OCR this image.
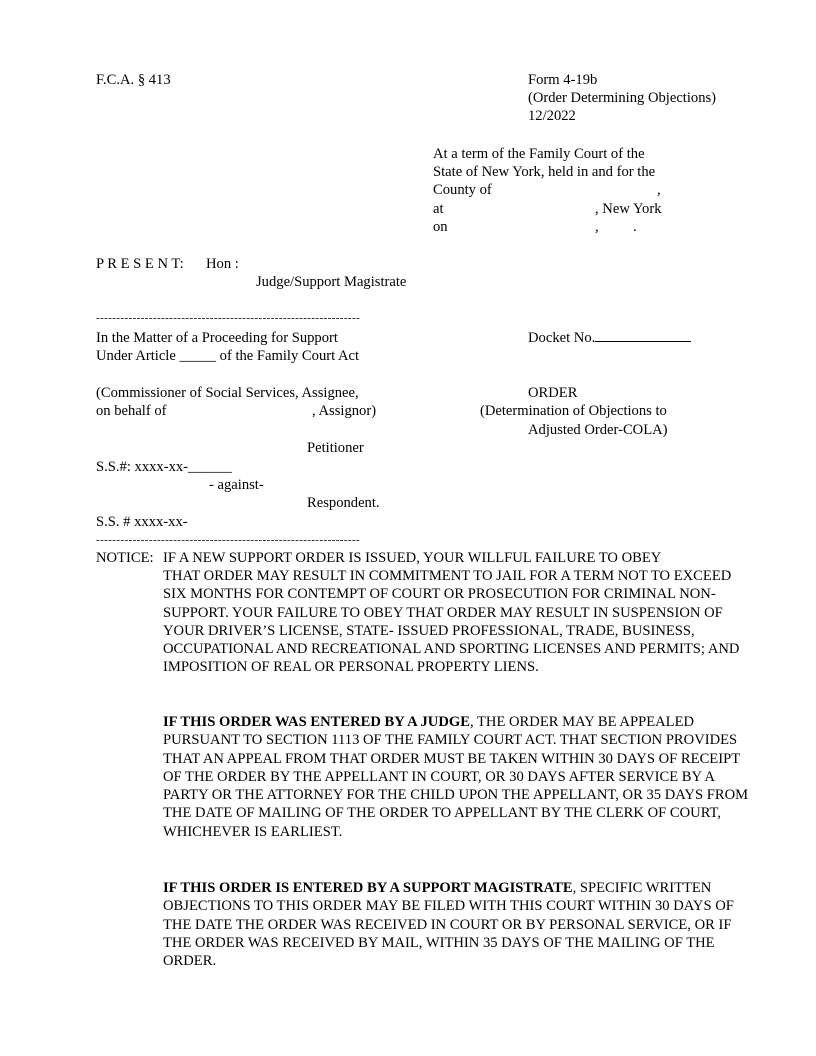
F.C.A. § 413	Form 4-19b
(Order Determining Objections)
12/2022
At a term of the Family Court of the
State of New York, held in and for the
County of	,
at	, New York
on	, .
P R E S E N T: Hon :
Judge/Support Magistrate
-----------------------------------------------------------------
In the Matter of a Proceeding for Support
Under Article _____ of the Family Court Act
(Commissioner of Social Services, Assignee,
on behalf of	, Assignor)
Petitioner
S.S.#: xxxx-xx-______
- against-
Respondent.
S.S. # xxxx-xx-
-----------------------------------------------------------------
Docket No.
ORDER
(Determination of Objections to
Adjusted Order-COLA)
NOTICE: IF A NEW SUPPORT ORDER IS ISSUED, YOUR WILLFUL FAILURE TO OBEY
THAT ORDER MAY RESULT IN COMMITMENT TO JAIL FOR A TERM NOT TO EXCEED SIX MONTHS FOR CONTEMPT OF COURT OR PROSECUTION FOR CRIMINAL NON-SUPPORT. YOUR FAILURE TO OBEY THAT ORDER MAY RESULT IN SUSPENSION OF YOUR DRIVER’S LICENSE, STATE- ISSUED PROFESSIONAL, TRADE, BUSINESS, OCCUPATIONAL AND RECREATIONAL AND SPORTING LICENSES AND PERMITS; AND IMPOSITION OF REAL OR PERSONAL PROPERTY LIENS.
IF THIS ORDER WAS ENTERED BY A JUDGE, THE ORDER MAY BE APPEALED PURSUANT TO SECTION 1113 OF THE FAMILY COURT ACT. THAT SECTION PROVIDES THAT AN APPEAL FROM THAT ORDER MUST BE TAKEN WITHIN 30 DAYS OF RECEIPT OF THE ORDER BY THE APPELLANT IN COURT, OR 30 DAYS AFTER SERVICE BY A PARTY OR THE ATTORNEY FOR THE CHILD UPON THE APPELLANT, OR 35 DAYS FROM THE DATE OF MAILING OF THE ORDER TO APPELLANT BY THE CLERK OF COURT, WHICHEVER IS EARLIEST.
IF THIS ORDER IS ENTERED BY A SUPPORT MAGISTRATE, SPECIFIC WRITTEN OBJECTIONS TO THIS ORDER MAY BE FILED WITH THIS COURT WITHIN 30 DAYS OF THE DATE THE ORDER WAS RECEIVED IN COURT OR BY PERSONAL SERVICE, OR IF THE ORDER WAS RECEIVED BY MAIL, WITHIN 35 DAYS OF THE MAILING OF THE ORDER.
